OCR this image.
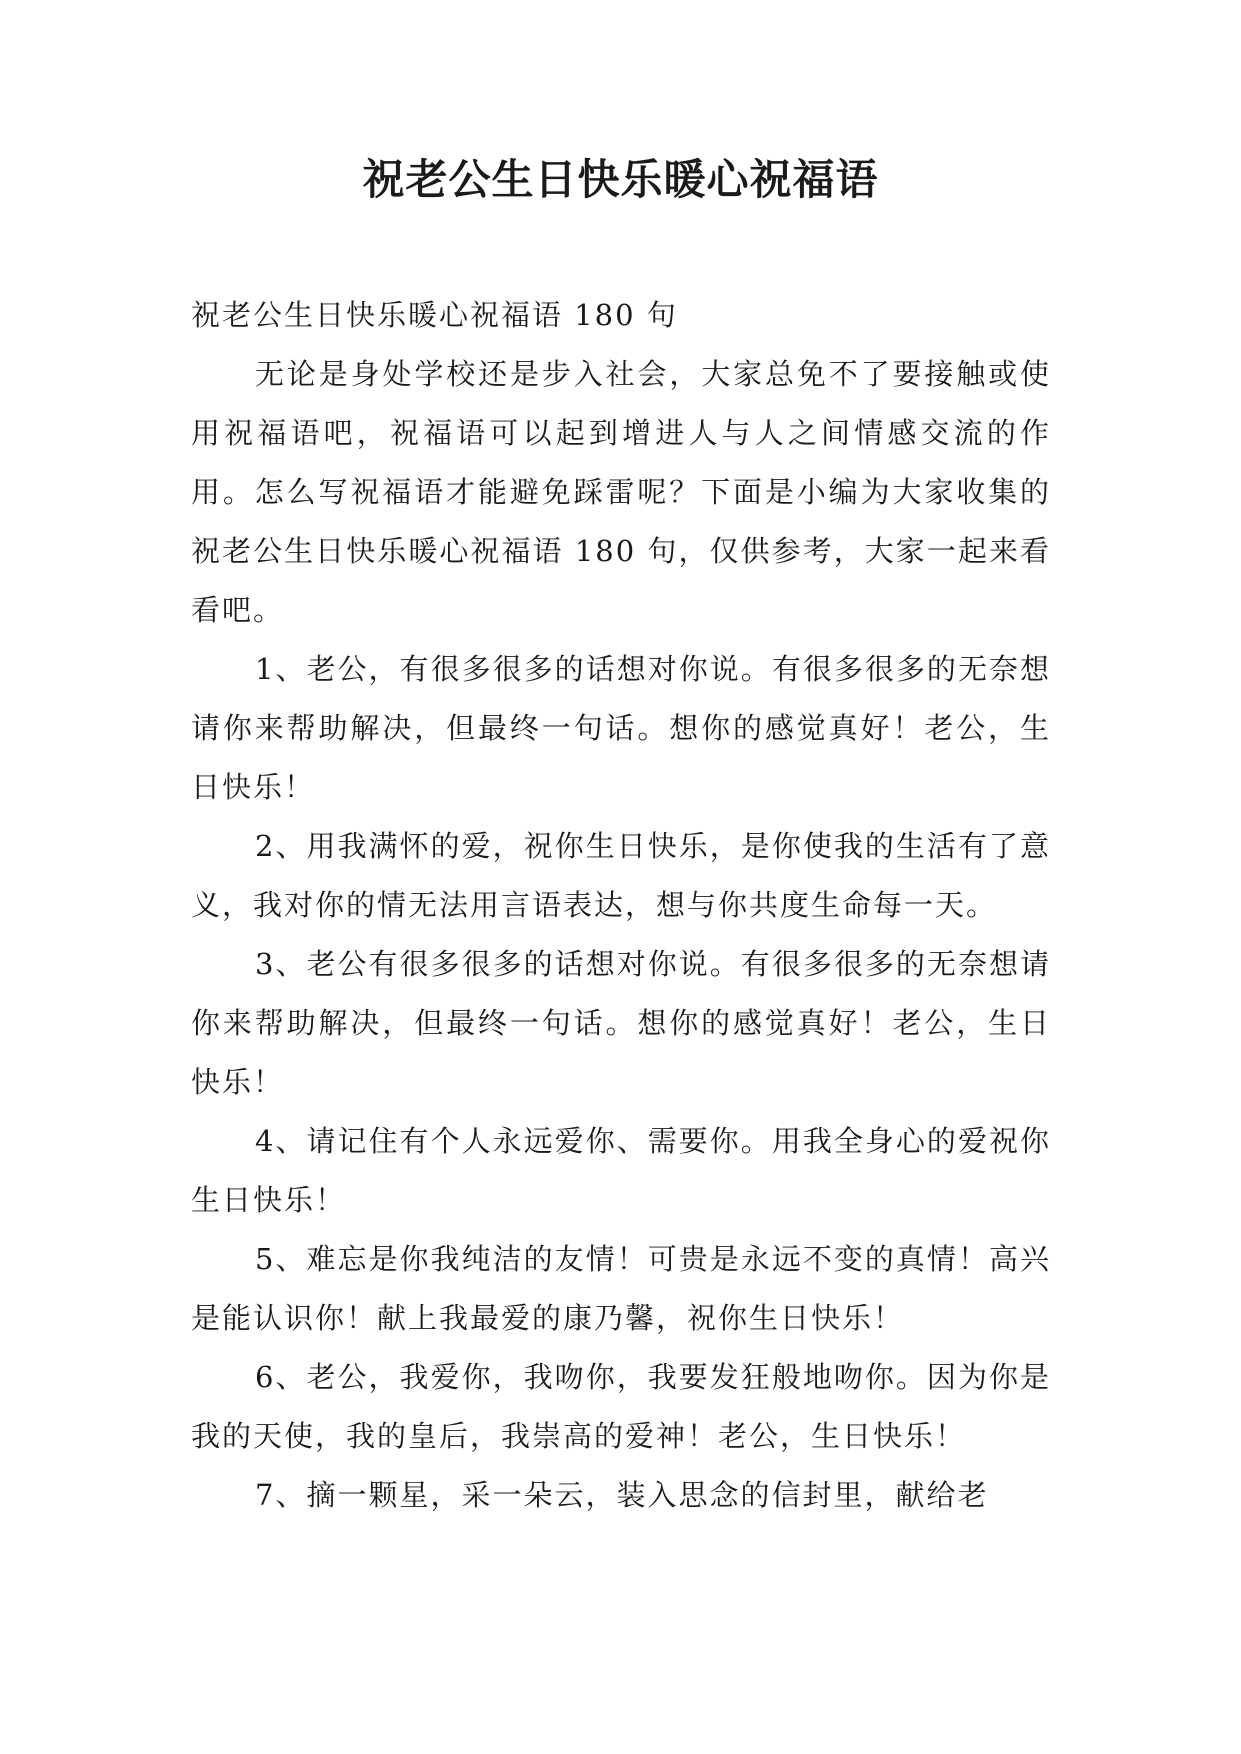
祝老公生日快乐暖心祝福语

祝老公生日快乐暖心祝福语 180 句

无论是身处学校还是步入社会，大家总免不了要接触或使用祝福语吧，祝福语可以起到增进人与人之间情感交流的作用。怎么写祝福语才能避免踩雷呢？下面是小编为大家收集的祝老公生日快乐暖心祝福语 180 句，仅供参考，大家一起来看看吧。

1、老公，有很多很多的话想对你说。有很多很多的无奈想请你来帮助解决，但最终一句话。想你的感觉真好！老公，生日快乐！

2、用我满怀的爱，祝你生日快乐，是你使我的生活有了意义，我对你的情无法用言语表达，想与你共度生命每一天。

3、老公有很多很多的话想对你说。有很多很多的无奈想请你来帮助解决，但最终一句话。想你的感觉真好！老公，生日快乐！

4、请记住有个人永远爱你、需要你。用我全身心的爱祝你生日快乐！

5、难忘是你我纯洁的友情！可贵是永远不变的真情！高兴是能认识你！献上我最爱的康乃馨，祝你生日快乐！

6、老公，我爱你，我吻你，我要发狂般地吻你。因为你是我的天使，我的皇后，我崇高的爱神！老公，生日快乐！

7、摘一颗星，采一朵云，装入思念的信封里，献给老
